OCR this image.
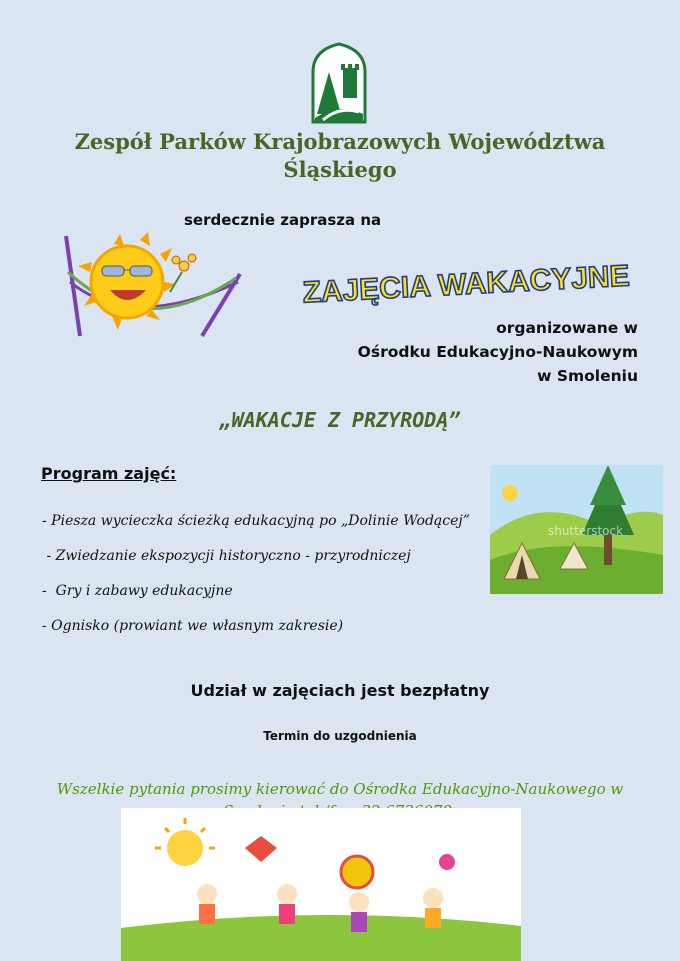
Zespół Parków Krajobrazowych Województwa
Śląskiego
serdecznie zaprasza na
ZAJĘCIA WAKACYJNE
organizowane w
Ośrodku Edukacyjno-Naukowym
w Smoleniu
„WAKACJE Z PRZYRODĄ”
Program zajęć:
- Piesza wycieczka ścieżką edukacyjną po „Dolinie Wodącej”
- Zwiedzanie ekspozycji historyczno - przyrodniczej
-  Gry i zabawy edukacyjne
- Ognisko (prowiant we własnym zakresie)
shutterstock
Udział w zajęciach jest bezpłatny
Termin do uzgodnienia
Wszelkie pytania prosimy kierować do Ośrodka Edukacyjno-Naukowego w
